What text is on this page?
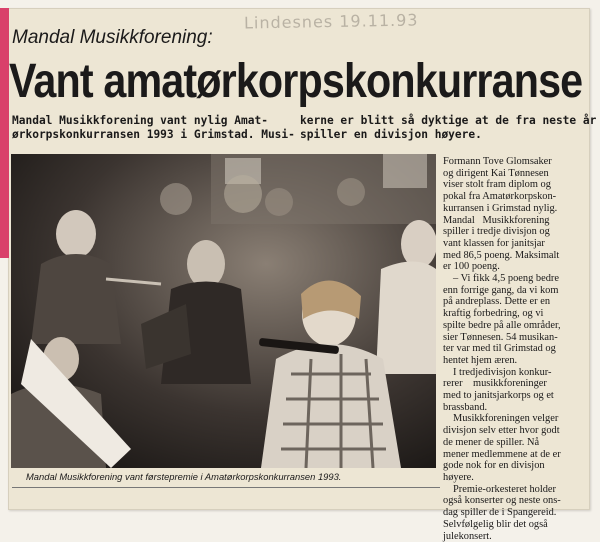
Lindesnes 19.11.93
Mandal Musikkforening:
Vant amatørkorpskonkurranse
Mandal Musikkforening vant nylig Amat-
ørkorpskonkurransen 1993 i Grimstad. Musi-
kerne er blitt så dyktige at de fra neste
spiller en divisjon høyere.
Mandal Musikkforening vant førstepremie i Amatørkorpskonkurransen 1993.

Formann Tove Glomsaker
og dirigent Kai Tønnesen
viser stolt fram diplom og
pokal fra Amatørkorpskon-
kurransen i Grimstad nylig.

Mandal   Musikkforening
spiller i tredje divisjon og
vant klassen for janitsjar
med 86,5 poeng. Maksimalt
er 100 poeng.

– Vi fikk 4,5 poeng bedre
enn forrige gang, da vi kom
på andreplass. Dette er en
kraftig forbedring, og vi
spilte bedre på alle områder,
sier Tønnesen. 54 musikan-
ter var med til Grimstad og
hentet hjem æren.

I tredjedivisjon konkur-
rerer    musikkforeninger
med to janitsjarkorps og et
brassband.

Musikkforeningen velger
divisjon selv etter hvor godt
de mener de spiller. Nå
mener medlemmene at de er
gode nok for en divisjon
høyere.

Premie-orkesteret holder
også konserter og neste ons-
dag spiller de i Spangereid.
Selvfølgelig blir det også
julekonsert.
